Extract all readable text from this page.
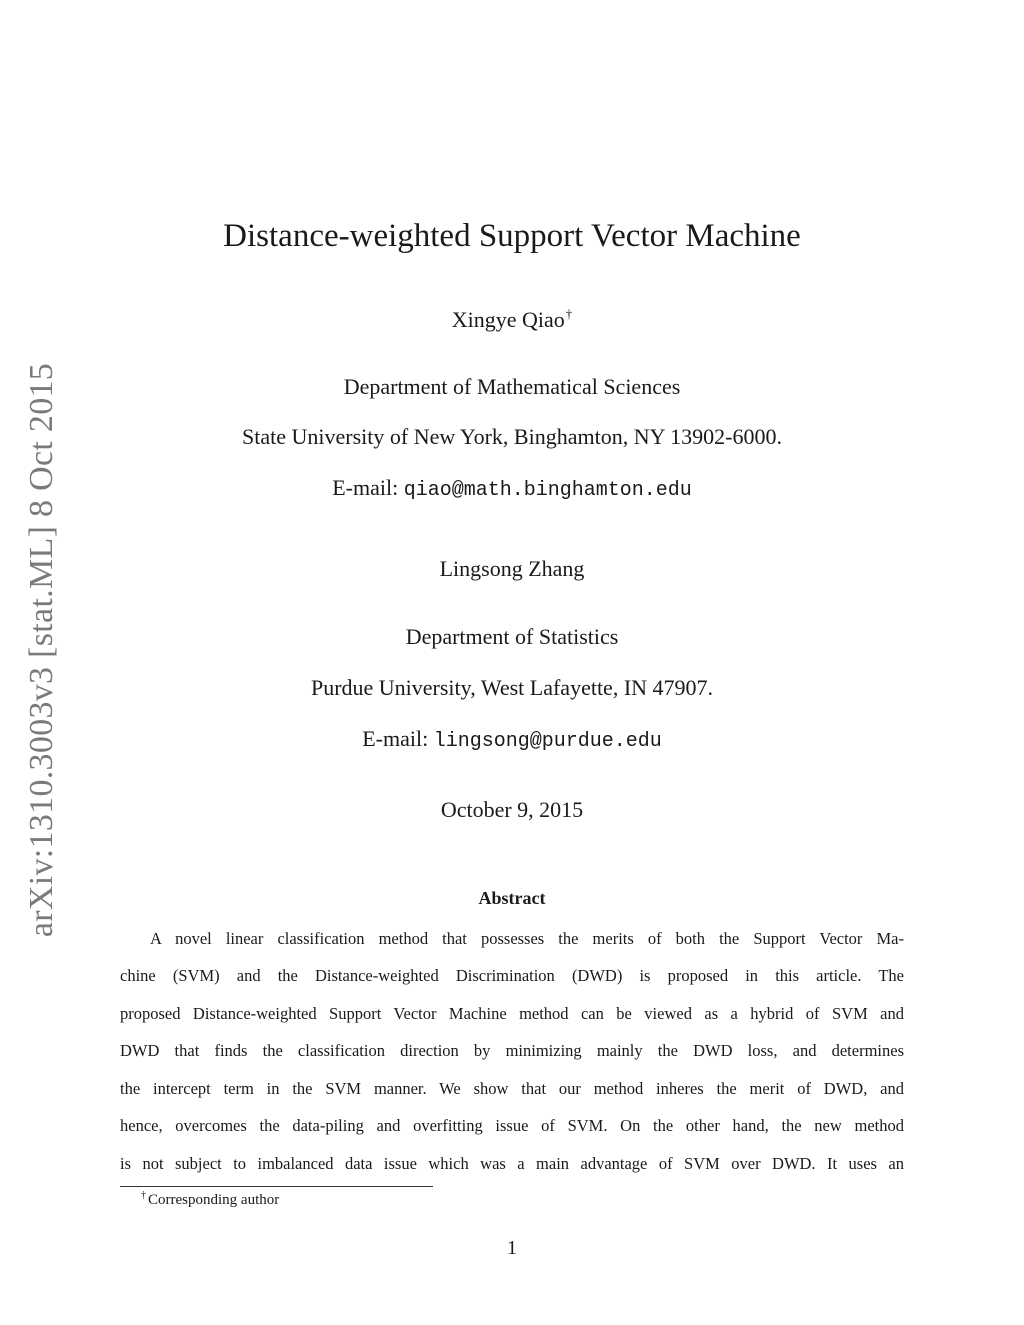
arXiv:1310.3003v3 [stat.ML] 8 Oct 2015
Distance-weighted Support Vector Machine
Xingye Qiao†
Department of Mathematical Sciences
State University of New York, Binghamton, NY 13902-6000.
E-mail: qiao@math.binghamton.edu
Lingsong Zhang
Department of Statistics
Purdue University, West Lafayette, IN 47907.
E-mail: lingsong@purdue.edu
October 9, 2015
Abstract
A novel linear classification method that possesses the merits of both the Support Vector Ma-
chine (SVM) and the Distance-weighted Discrimination (DWD) is proposed in this article. The
proposed Distance-weighted Support Vector Machine method can be viewed as a hybrid of SVM and
DWD that finds the classification direction by minimizing mainly the DWD loss, and determines
the intercept term in the SVM manner. We show that our method inheres the merit of DWD, and
hence, overcomes the data-piling and overfitting issue of SVM. On the other hand, the new method
is not subject to imbalanced data issue which was a main advantage of SVM over DWD. It uses an
† Corresponding author
1
